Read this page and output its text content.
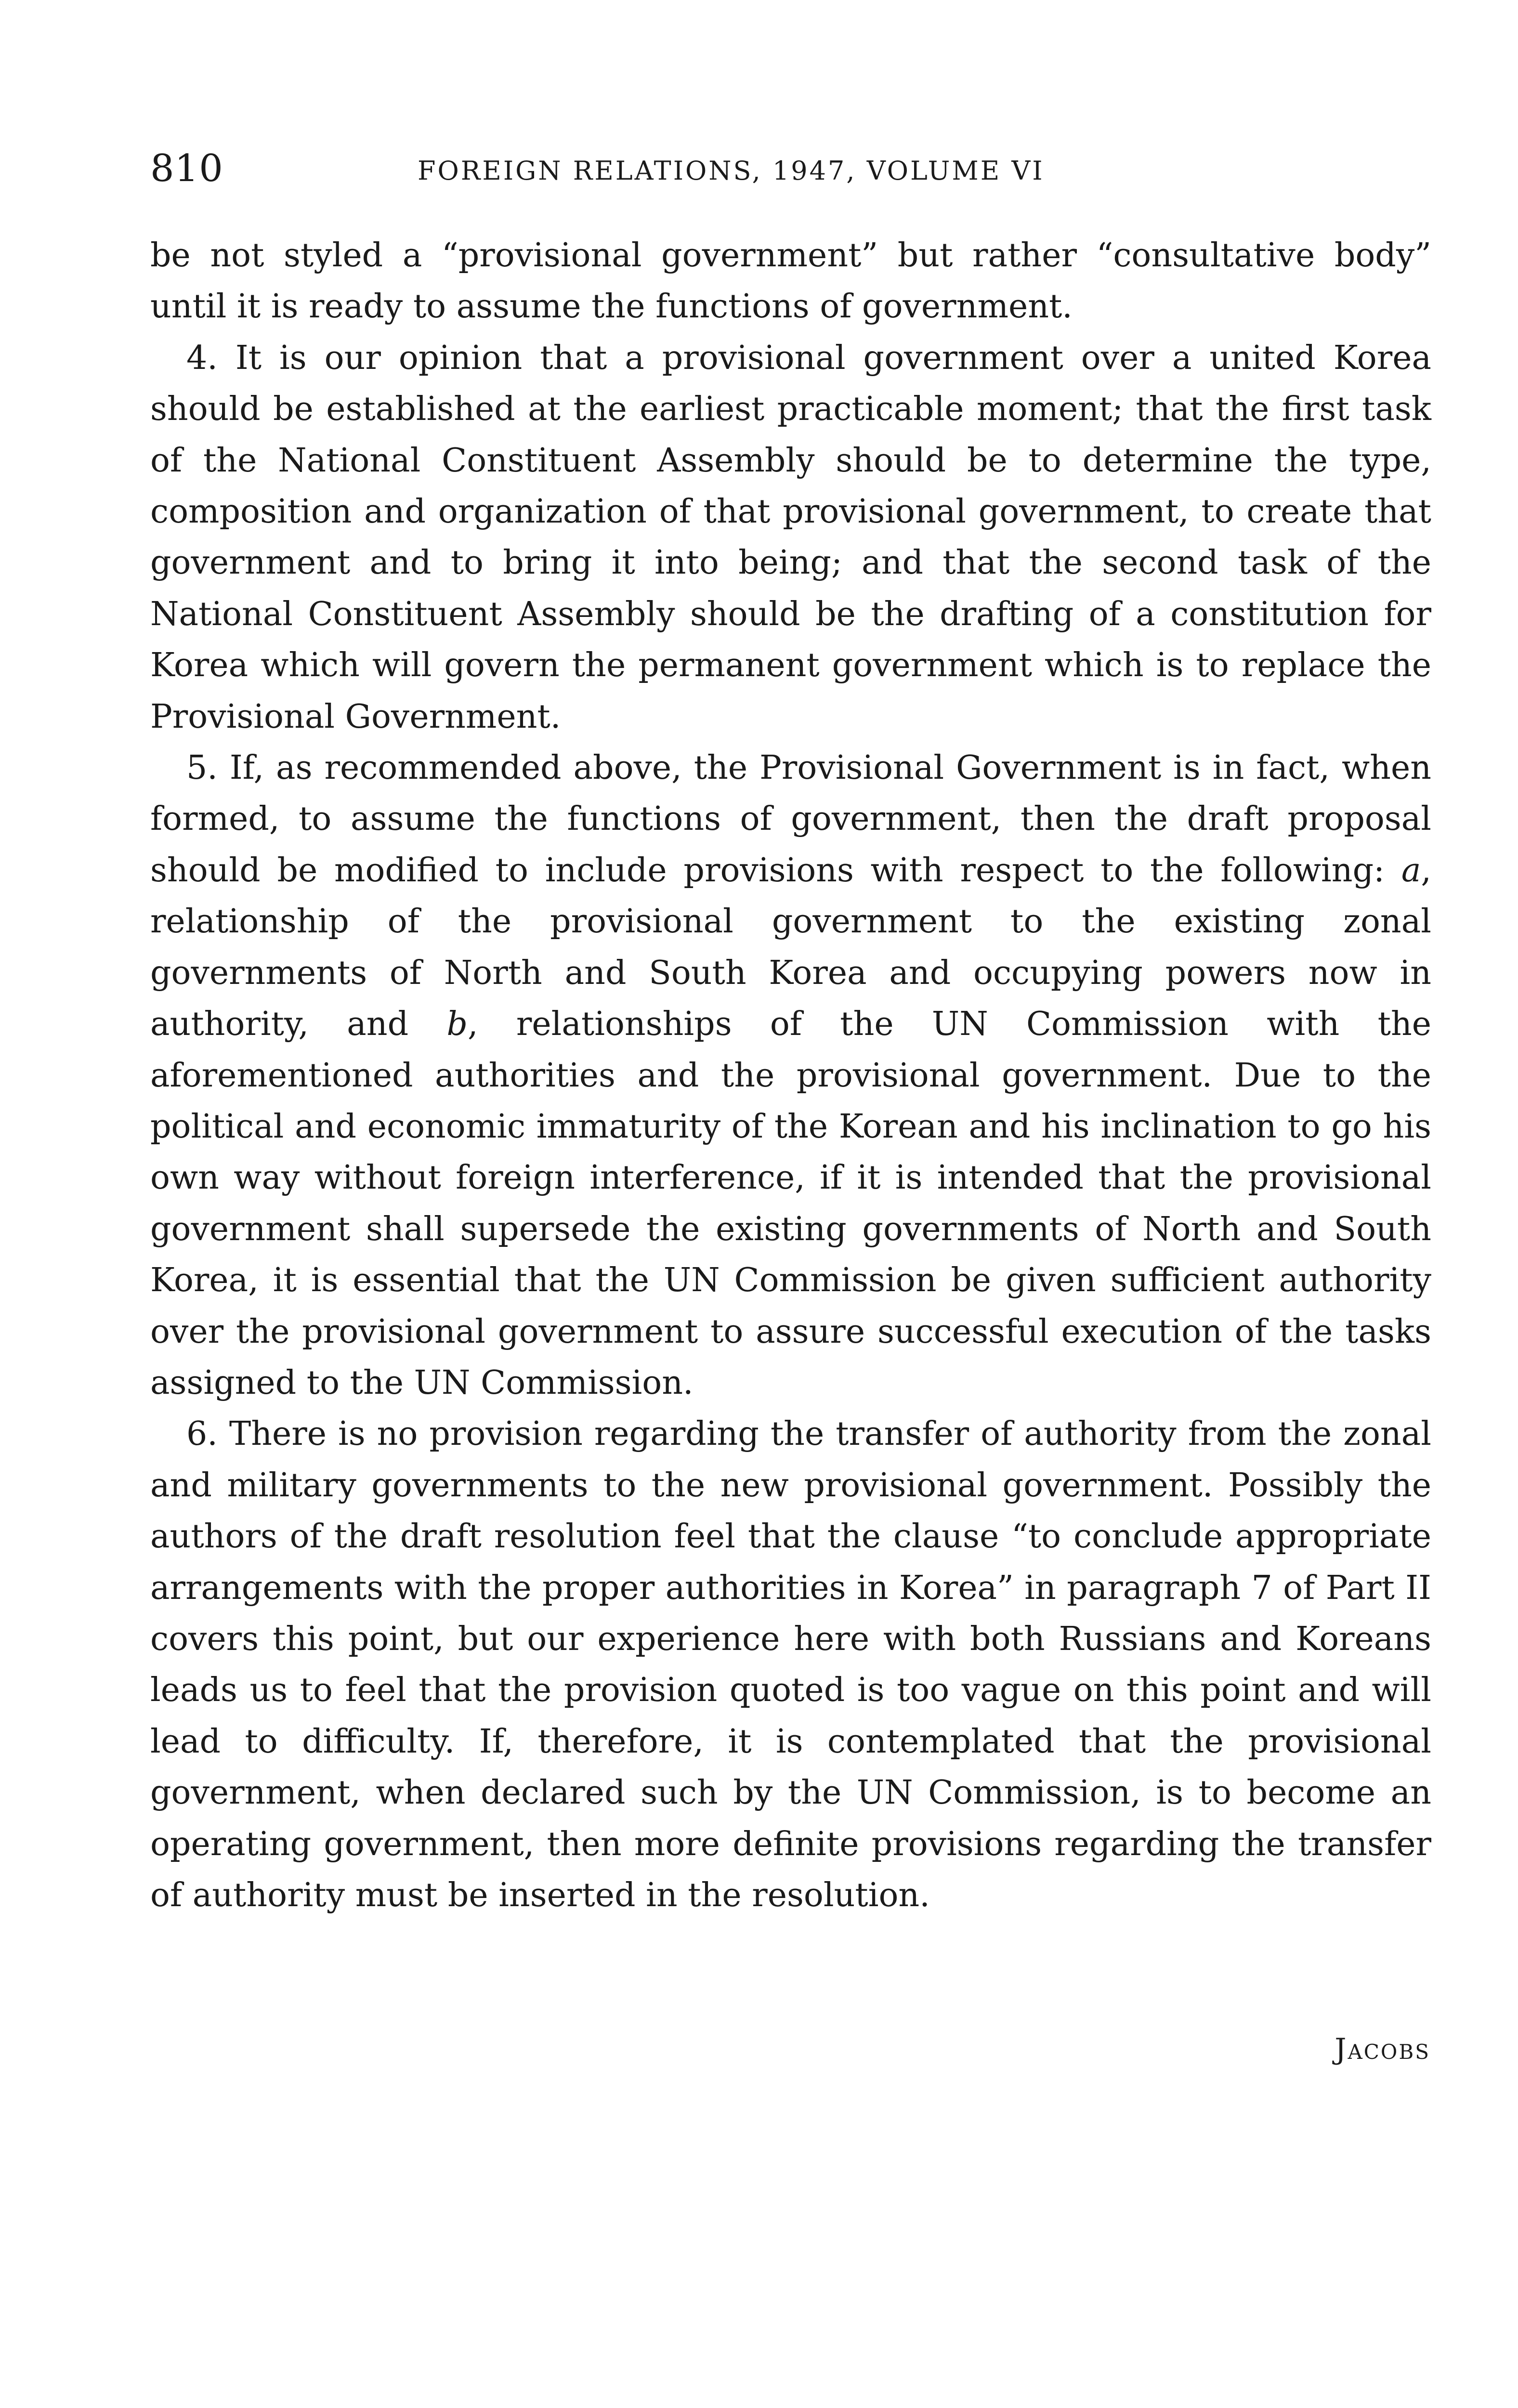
810	FOREIGN RELATIONS, 1947, VOLUME VI

be not styled a “provisional government” but rather “consultative body” until it is ready to assume the functions of government.

4. It is our opinion that a provisional government over a united Korea should be established at the earliest practicable moment; that the first task of the National Constituent Assembly should be to determine the type, composition and organization of that provisional government, to create that government and to bring it into being; and that the second task of the National Constituent Assembly should be the drafting of a constitution for Korea which will govern the permanent government which is to replace the Provisional Government.

5. If, as recommended above, the Provisional Government is in fact, when formed, to assume the functions of government, then the draft proposal should be modified to include provisions with respect to the following: a, relationship of the provisional government to the existing zonal governments of North and South Korea and occupying powers now in authority, and b, relationships of the UN Commission with the aforementioned authorities and the provisional government. Due to the political and economic immaturity of the Korean and his inclination to go his own way without foreign interference, if it is intended that the provisional government shall supersede the existing governments of North and South Korea, it is essential that the UN Commission be given sufficient authority over the provisional government to assure successful execution of the tasks assigned to the UN Commission.

6. There is no provision regarding the transfer of authority from the zonal and military governments to the new provisional government. Possibly the authors of the draft resolution feel that the clause “to conclude appropriate arrangements with the proper authorities in Korea” in paragraph 7 of Part II covers this point, but our experience here with both Russians and Koreans leads us to feel that the provision quoted is too vague on this point and will lead to difficulty. If, therefore, it is contemplated that the provisional government, when declared such by the UN Commission, is to become an operating government, then more definite provisions regarding the transfer of authority must be inserted in the resolution.

Jacobs
